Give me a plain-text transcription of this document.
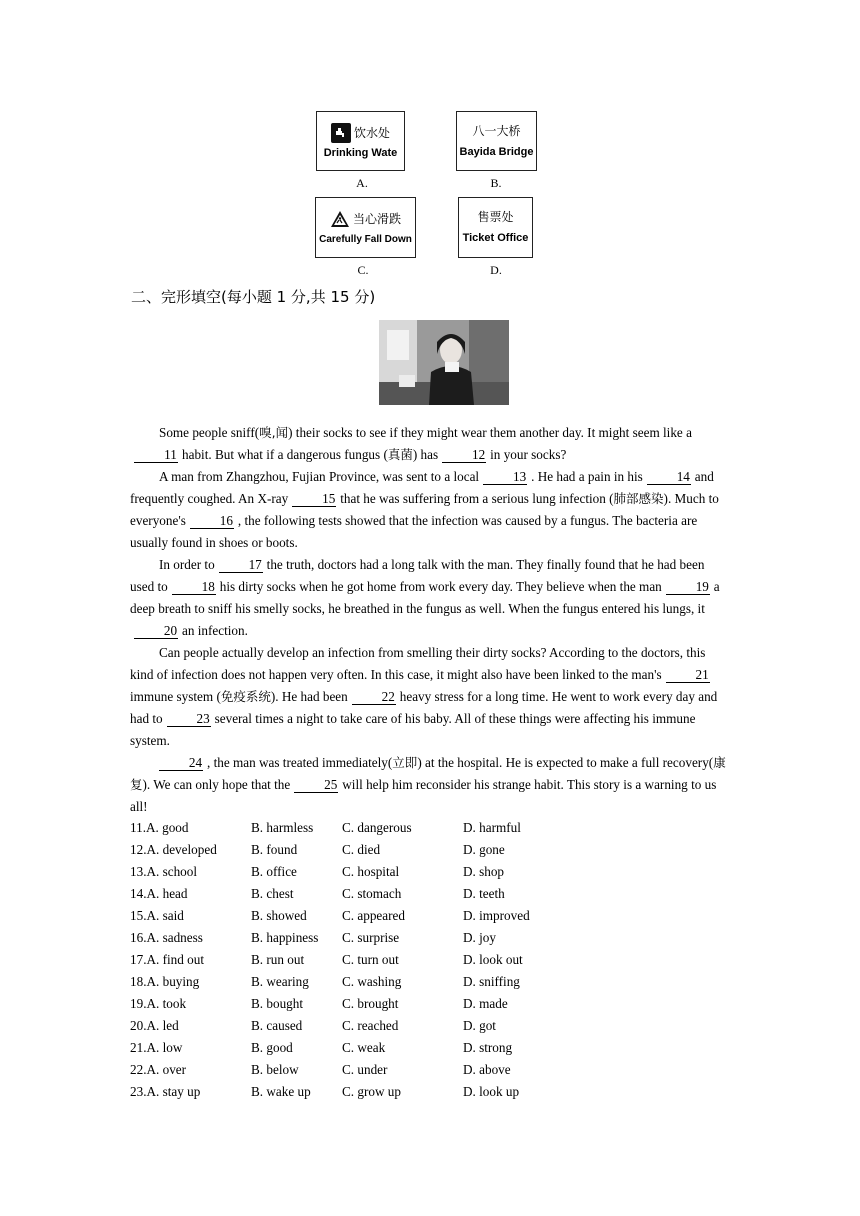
饮水处
Drinking Wate
A.
八一大桥
Bayida Bridge
B.
当心滑跌
Carefully Fall Down
C.
售票处
Ticket Office
D.
二、完形填空(每小题 1 分,共 15 分)

Some people sniff(嗅,闻) their socks to see if they might wear them another day. It might seem like a11 habit. But what if a dangerous fungus (真菌) has	12 in your socks?

A man from Zhangzhou, Fujian Province, was sent to a local	13 . He had a pain in his	14 and frequently coughed. An X-ray	15 that he was suffering from a serious lung infection (肺部感染). Much to everyone's	16 , the following tests showed that the infection was caused by a fungus. The bacteria are usually found in shoes or boots.

In order to	17 the truth, doctors had a long talk with the man. They finally found that he had been used to	18 his dirty socks when he got home from work every day. They believe when the man	19 a deep breath to sniff his smelly socks, he breathed in the fungus as well. When the fungus entered his lungs, it20 an infection.

Can people actually develop an infection from smelling their dirty socks? According to the doctors, this kind of infection does not happen very often. In this case, it might also have been linked to the man's	21immune system (免疫系统). He had been	22 heavy stress for a long time. He went to work every day and had to	23 several times a night to take care of his baby. All of these things were affecting his immune system.

24 , the man was treated immediately(立即) at the hospital. He is expected to make a full recovery(康复). We can only hope that the	25 will help him reconsider his strange habit. This story is a warning to us all!

11.A. good	B. harmless C. dangerous	D. harmful
12.A. developed	B. found	C. died	D. gone
13.A. school	B. office	C. hospital	D. shop
14.A. head	B. chest	C. stomach	D. teeth
15.A. said	B. showed	C. appeared	D. improved
16.A. sadness	B. happiness C. surprise	D. joy
17.A. find out	B. run out	C. turn out	D. look out
18.A. buying	B. wearing	C. washing	D. sniffing
19.A. took	B. bought	C. brought	D. made
20.A. led	B. caused	C. reached	D. got
21.A. low	B. good	C. weak	D. strong
22.A. over	B. below	C. under	D. above
23.A. stay up	B. wake up C. grow up	D. look up
